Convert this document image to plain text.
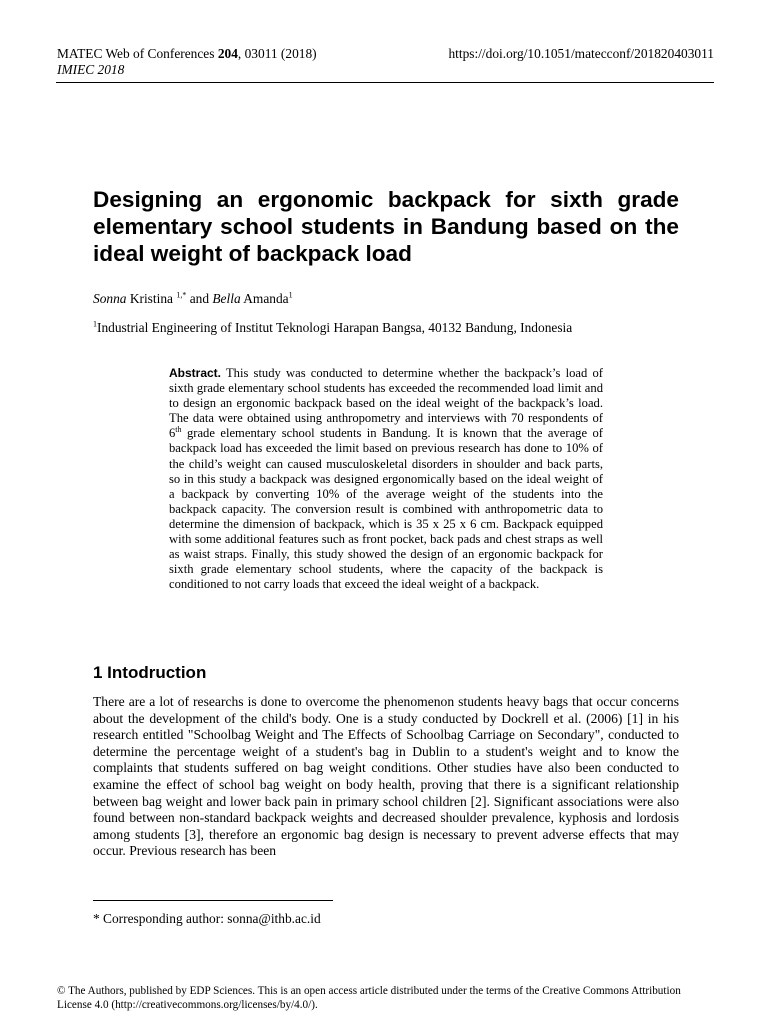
MATEC Web of Conferences 204, 03011 (2018)
IMIEC 2018
https://doi.org/10.1051/matecconf/201820403011
Designing an ergonomic backpack for sixth grade elementary school students in Bandung based on the ideal weight of backpack load
Sonna Kristina $^{1,*}$ and Bella Amanda$^1$
$^1$Industrial Engineering of Institut Teknologi Harapan Bangsa, 40132 Bandung, Indonesia
Abstract. This study was conducted to determine whether the backpack’s load of sixth grade elementary school students has exceeded the recommended load limit and to design an ergonomic backpack based on the ideal weight of the backpack’s load. The data were obtained using anthropometry and interviews with 70 respondents of 6th grade elementary school students in Bandung. It is known that the average of backpack load has exceeded the limit based on previous research has done to 10% of the child’s weight can caused musculoskeletal disorders in shoulder and back parts, so in this study a backpack was designed ergonomically based on the ideal weight of a backpack by converting 10% of the average weight of the students into the backpack capacity. The conversion result is combined with anthropometric data to determine the dimension of backpack, which is 35 x 25 x 6 cm. Backpack equipped with some additional features such as front pocket, back pads and chest straps as well as waist straps. Finally, this study showed the design of an ergonomic backpack for sixth grade elementary school students, where the capacity of the backpack is conditioned to not carry loads that exceed the ideal weight of a backpack.
1 Intodruction

There are a lot of researchs is done to overcome the phenomenon students heavy bags that occur concerns about the development of the child's body. One is a study conducted by Dockrell et al. (2006) [1] in his research entitled "Schoolbag Weight and The Effects of Schoolbag Carriage on Secondary", conducted to determine the percentage weight of a student's bag in Dublin to a student's weight and to know the complaints that students suffered on bag weight conditions. Other studies have also been conducted to examine the effect of school bag weight on body health, proving that there is a significant relationship between bag weight and lower back pain in primary school children [2]. Significant associations were also found between non-standard backpack weights and decreased shoulder prevalence, kyphosis and lordosis among students [3], therefore an ergonomic bag design is necessary to prevent adverse effects that may occur. Previous research has been

* Corresponding author: sonna@ithb.ac.id
© The Authors, published by EDP Sciences. This is an open access article distributed under the terms of the Creative Commons Attribution License 4.0 (http://creativecommons.org/licenses/by/4.0/).
